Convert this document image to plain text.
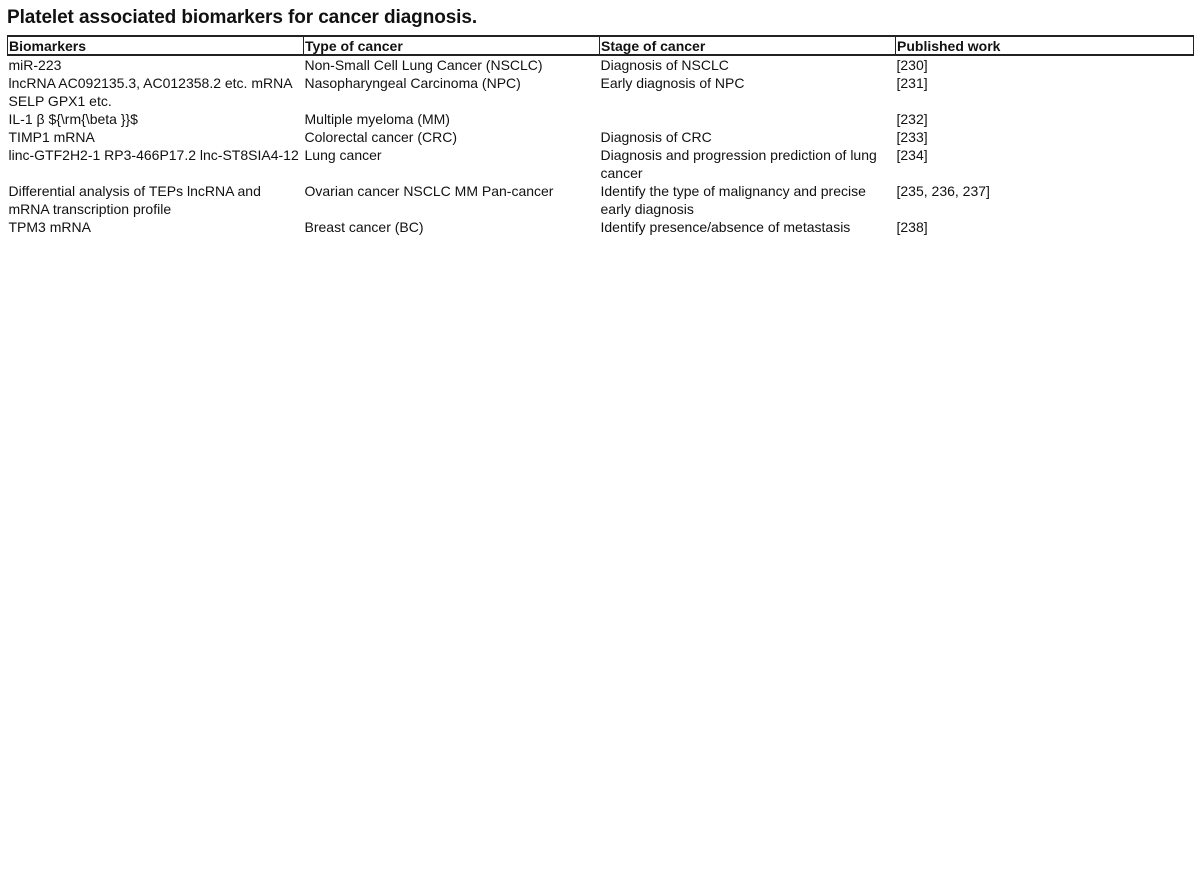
Platelet associated biomarkers for cancer diagnosis.
Biomarkers	Type of cancer	Stage of cancer	Published work
miR-223	Non-Small Cell Lung Cancer (NSCLC)	Diagnosis of NSCLC	[230]
lncRNA AC092135.3, AC012358.2 etc. mRNA SELP GPX1 etc.	Nasopharyngeal Carcinoma (NPC)	Early diagnosis of NPC	[231]
IL-1 β ${\rm{\beta }}$	Multiple myeloma (MM)		[232]
TIMP1 mRNA	Colorectal cancer (CRC)	Diagnosis of CRC	[233]
linc-GTF2H2-1 RP3-466P17.2 lnc-ST8SIA4-12	Lung cancer	Diagnosis and progression prediction of lung cancer	[234]
Differential analysis of TEPs lncRNA and mRNA transcription profile	Ovarian cancer NSCLC MM Pan-cancer	Identify the type of malignancy and precise early diagnosis	[235, 236, 237]
TPM3 mRNA	Breast cancer (BC)	Identify presence/absence of metastasis	[238]
